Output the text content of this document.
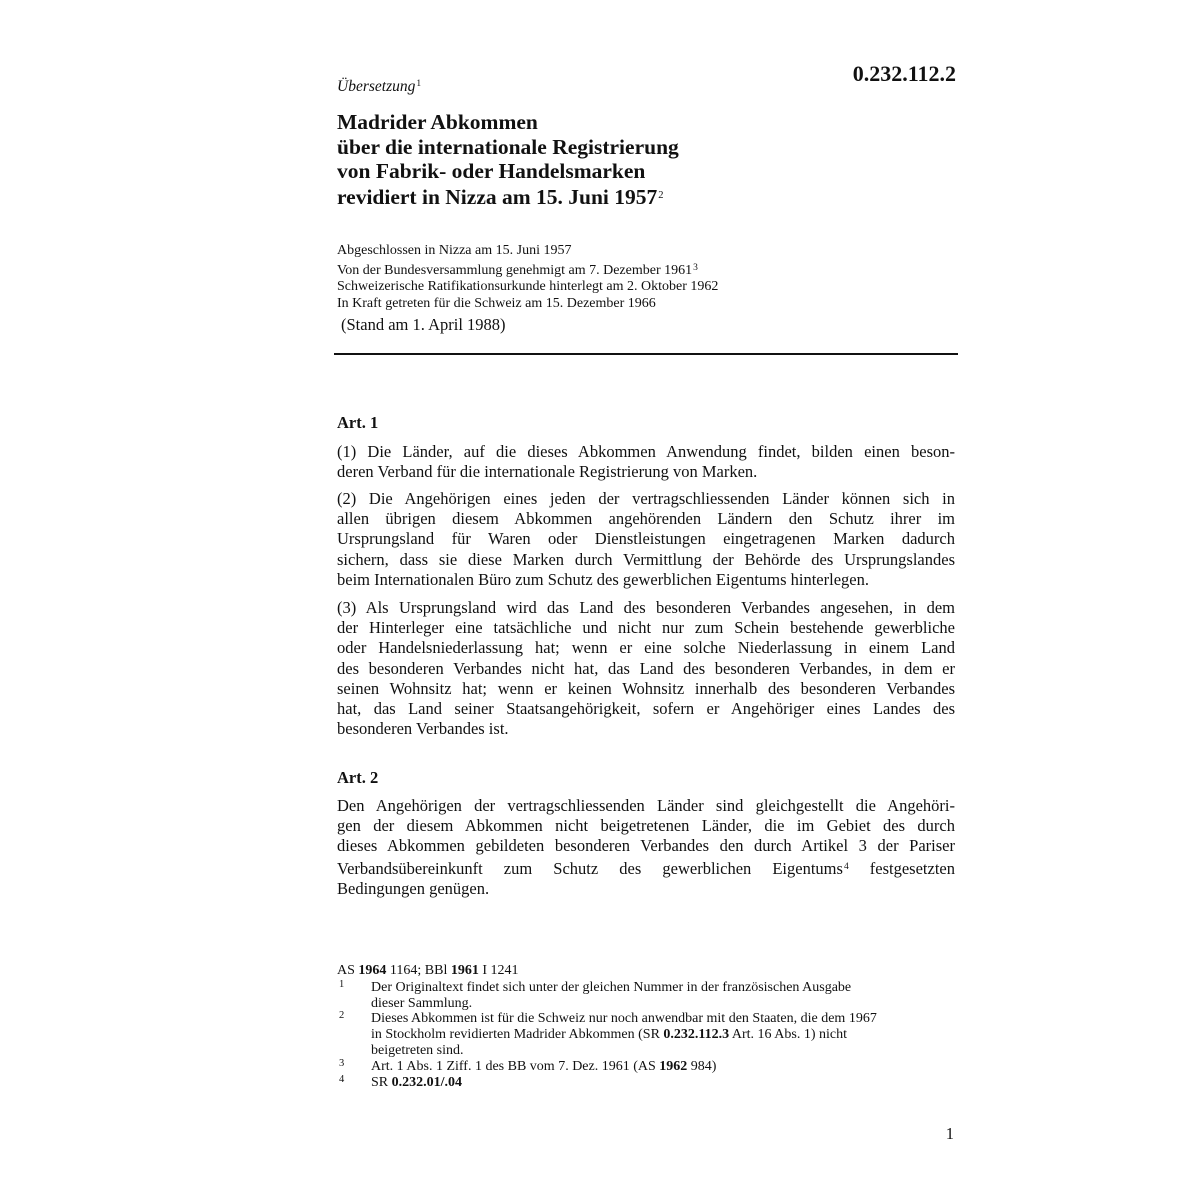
0.232.112.2
Übersetzung$^1$
Madrider Abkommen
über die internationale Registrierung
von Fabrik- oder Handelsmarken
revidiert in Nizza am 15. Juni 1957$^2$
Abgeschlossen in Nizza am 15. Juni 1957
Von der Bundesversammlung genehmigt am 7. Dezember 1961$^3$
Schweizerische Ratifikationsurkunde hinterlegt am 2. Oktober 1962
In Kraft getreten für die Schweiz am 15. Dezember 1966
(Stand am 1. April 1988)
Art. 1
(1) Die Länder, auf die dieses Abkommen Anwendung findet, bilden einen beson-
deren Verband für die internationale Registrierung von Marken.
(2) Die Angehörigen eines jeden der vertragschliessenden Länder können sich in
allen übrigen diesem Abkommen angehörenden Ländern den Schutz ihrer im
Ursprungsland für Waren oder Dienstleistungen eingetragenen Marken dadurch
sichern, dass sie diese Marken durch Vermittlung der Behörde des Ursprungslandes
beim Internationalen Büro zum Schutz des gewerblichen Eigentums hinterlegen.
(3) Als Ursprungsland wird das Land des besonderen Verbandes angesehen, in dem
der Hinterleger eine tatsächliche und nicht nur zum Schein bestehende gewerbliche
oder Handelsniederlassung hat; wenn er eine solche Niederlassung in einem Land
des besonderen Verbandes nicht hat, das Land des besonderen Verbandes, in dem er
seinen Wohnsitz hat; wenn er keinen Wohnsitz innerhalb des besonderen Verbandes
hat, das Land seiner Staatsangehörigkeit, sofern er Angehöriger eines Landes des
besonderen Verbandes ist.
Art. 2
Den Angehörigen der vertragschliessenden Länder sind gleichgestellt die Angehöri-
gen der diesem Abkommen nicht beigetretenen Länder, die im Gebiet des durch
dieses Abkommen gebildeten besonderen Verbandes den durch Artikel 3 der Pariser
Verbandsübereinkunft zum Schutz des gewerblichen Eigentums$^4$ festgesetzten
Bedingungen genügen.
AS 1964 1164; BBl 1961 I 1241
1 Der Originaltext findet sich unter der gleichen Nummer in der französischen Ausgabe
dieser Sammlung.
2 Dieses Abkommen ist für die Schweiz nur noch anwendbar mit den Staaten, die dem 1967
in Stockholm revidierten Madrider Abkommen (SR 0.232.112.3 Art. 16 Abs. 1) nicht
beigetreten sind.
3 Art. 1 Abs. 1 Ziff. 1 des BB vom 7. Dez. 1961 (AS 1962 984)
4 SR 0.232.01/.04
1
